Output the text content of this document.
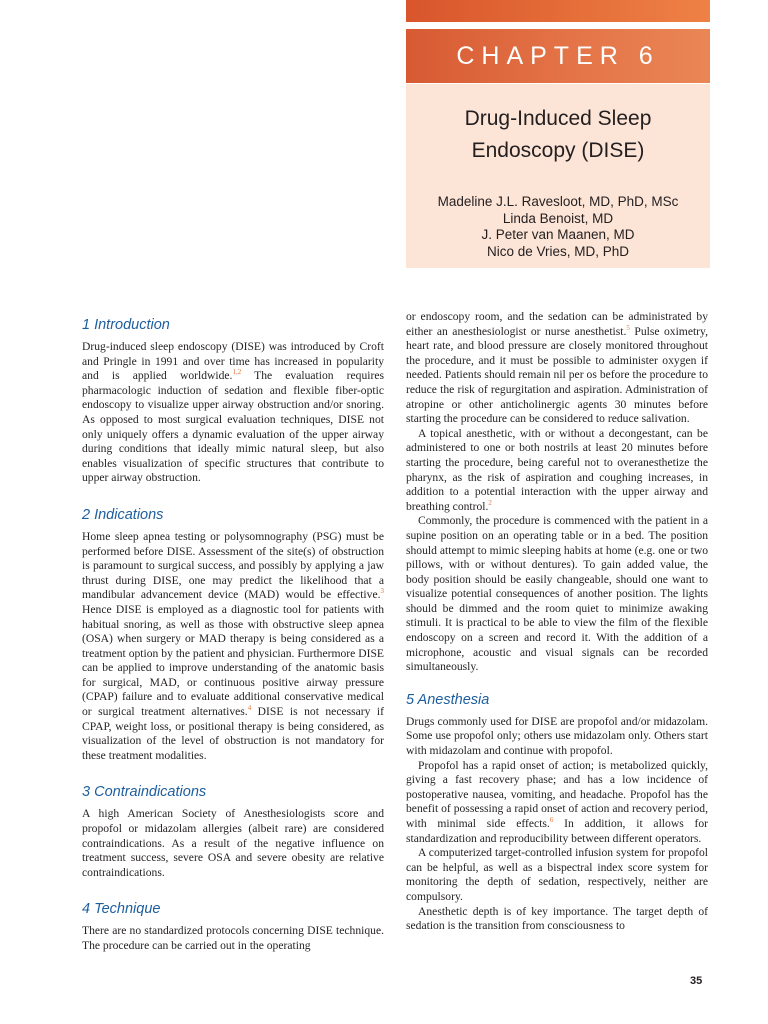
CHAPTER 6
Drug-Induced Sleep
Endoscopy (DISE)
Madeline J.L. Ravesloot, MD, PhD, MSc
Linda Benoist, MD
J. Peter van Maanen, MD
Nico de Vries, MD, PhD
1 Introduction

Drug-induced sleep endoscopy (DISE) was introduced by Croft and Pringle in 1991 and over time has increased in popularity and is applied worldwide.$^{1,2}$ The evaluation requires pharmacologic induction of sedation and flexible fiber-optic endoscopy to visualize upper airway obstruction and/or snoring. As opposed to most surgical evaluation techniques, DISE not only uniquely offers a dynamic evaluation of the upper airway during conditions that ideally mimic natural sleep, but also enables visualization of specific structures that contribute to upper airway obstruction.

2 Indications

Home sleep apnea testing or polysomnography (PSG) must be performed before DISE. Assessment of the site(s) of obstruction is paramount to surgical success, and possibly by applying a jaw thrust during DISE, one may predict the likelihood that a mandibular advancement device (MAD) would be effective.$^3$ Hence DISE is employed as a diagnostic tool for patients with habitual snoring, as well as those with obstructive sleep apnea (OSA) when surgery or MAD therapy is being considered as a treatment option by the patient and physician. Furthermore DISE can be applied to improve understanding of the anatomic basis for surgical, MAD, or continuous positive airway pressure (CPAP) failure and to evaluate additional conservative medical or surgical treatment alternatives.$^4$ DISE is not necessary if CPAP, weight loss, or positional therapy is being considered, as visualization of the level of obstruction is not mandatory for these treatment modalities.

3 Contraindications

A high American Society of Anesthesiologists score and propofol or midazolam allergies (albeit rare) are considered contraindications. As a result of the negative influence on treatment success, severe OSA and severe obesity are relative contraindications.

4 Technique

There are no standardized protocols concerning DISE technique. The procedure can be carried out in the operating

or endoscopy room, and the sedation can be administrated by either an anesthesiologist or nurse anesthetist.$^5$ Pulse oximetry, heart rate, and blood pressure are closely monitored throughout the procedure, and it must be possible to administer oxygen if needed. Patients should remain nil per os before the procedure to reduce the risk of regurgitation and aspiration. Administration of atropine or other anticholinergic agents 30 minutes before starting the procedure can be considered to reduce salivation.

A topical anesthetic, with or without a decongestant, can be administered to one or both nostrils at least 20 minutes before starting the procedure, being careful not to overanesthetize the pharynx, as the risk of aspiration and coughing increases, in addition to a potential interaction with the upper airway and breathing control.$^2$

Commonly, the procedure is commenced with the patient in a supine position on an operating table or in a bed. The position should attempt to mimic sleeping habits at home (e.g. one or two pillows, with or without dentures). To gain added value, the body position should be easily changeable, should one want to visualize potential consequences of another position. The lights should be dimmed and the room quiet to minimize awaking stimuli. It is practical to be able to view the film of the flexible endoscopy on a screen and record it. With the addition of a microphone, acoustic and visual signals can be recorded simultaneously.

5 Anesthesia

Drugs commonly used for DISE are propofol and/or midazolam. Some use propofol only; others use midazolam only. Others start with midazolam and continue with propofol.

Propofol has a rapid onset of action; is metabolized quickly, giving a fast recovery phase; and has a low incidence of postoperative nausea, vomiting, and headache. Propofol has the benefit of possessing a rapid onset of action and recovery period, with minimal side effects.$^6$ In addition, it allows for standardization and reproducibility between different operators.

A computerized target-controlled infusion system for propofol can be helpful, as well as a bispectral index score system for monitoring the depth of sedation, respectively, neither are compulsory.

Anesthetic depth is of key importance. The target depth of sedation is the transition from consciousness to

35
